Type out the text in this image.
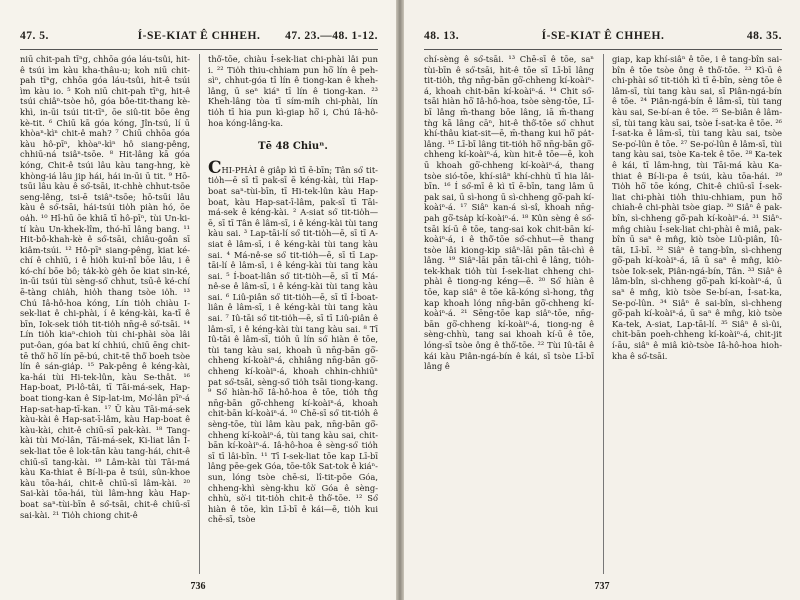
47. 5.	Í-SE-KIAT Ê CHHEH.	47. 23.—48. 1-12.

niū chit-pah tīⁿg, chhōa góa láu-tsûi, hit-ê tsúi ìm kàu kha-thâu-u; koh niū chit-pah tīⁿg, chhōa góa láu-tsûi, hit-ê tsúi ìm kàu io. ⁵ Koh niū chit-pah tīⁿg, hit-ê tsúi chiâⁿ-tsòe hô, góa bôe-tit-thang kè-khì, in-ūi tsúi tit-tīⁿ, ōe siû-tit bōe êng kè-tit. ⁶ Chiū kā góa kóng, Jîn-tsú, lí ū khòaⁿ-kìⁿ chit-ê mah? ⁷ Chiū chhōa góa kàu hô-pīⁿ, khòaⁿ-kìⁿ hô siang-pêng, chhiū-ná tsiâⁿ-tsōe. ⁸ Hit-lâng kā góa kóng, Chit-ê tsúi lâu kàu tang-hng, kè khòng-iá lâu jip hái, hái in-ūi ū tit. ⁹ Hō-tsūi lâu kàu ê só͘-tsāi, it-chhè chhut-tsōe seng-lêng, tsi-ē tsiâⁿ-tsōe; hō-tsūi lâu kàu ê só͘-tsāi, hái-tsúi tio̍h piàn hó, ōe oa̍h. ¹⁰ Hî-hū ōe khiā tī hô-pīⁿ, tùi Un-ki-tí kàu Un-khek-lîm, thó-hī lâng bang. ¹¹ Hit-bô-khah-kè ê só͘-tsāi, chiâu-goân sī kiâm-tsúi. ¹² Hô-pīⁿ siang-pêng, kiat ké-chí ê chhiū, i ê hio̍h kui-nî bōe lâu, i ê kó-chí bōe bô; ta̍k-kò ge̍h ōe kiat sin-ké, in-ūi tsúi tùi sèng-só͘ chhut, tsū-ê ké-chí ē-tàng chia̍h, hio̍h thang tsòe io̍h. ¹³ Chú Iâ-hô-hoa kóng, Lín tio̍h chiàu I-sek-liat ê chi-phài, í ê kéng-kài, ka-tī ê bīn, Iok-sek tio̍h tit-tio̍h nn̄g-ê só͘-tsāi. ¹⁴ Lín tio̍h kiaⁿ-chioh tùi chi-phài sòa lâi put-ôan, góa bat kí chhiú, chiū ēng chit-tē thô͘ hō͘ lín pē-bú, chit-tē thô͘ boeh tsòe lín ê sán-gia̍p. ¹⁵ Pak-pêng ê kéng-kài, ka-hái tùi Hi-tek-lûn, kàu Se-thât. ¹⁶ Hap-boat, Pi-lô-tâi, tī Tāi-má-sek, Hap-boat tiong-kan ê Sip-lat-im, Mo͘-lân pīⁿ-á Hap-sat-hap-tī-kan. ¹⁷ Ū kàu Tāi-má-sek kàu-kài ê Hap-sat-ī-lâm, kàu Hap-boat ê kàu-kài, chit-ê chiū-sī pak-kài. ¹⁸ Tang-kài tùi Mo͘-lân, Tāi-má-sek, Ki-liat lân Í-sek-liat tōe ê lok-tān kàu tang-hái, chit-ê chiū-sī tang-kài. ¹⁹ Lâm-kài tùi Tāi-má kàu Ka-thiat ê Bí-li-pa ê tsúi, sûn-khoe kàu tōa-hái, chit-ê chiū-sī lâm-kài. ²⁰ Sai-kài tōa-hái, tùi lâm-hng kàu Hap-boat saⁿ-tùi-bīn ê só͘-tsāi, chit-ê chiū-sī sai-kài. ²¹ Tio̍h chiong chit-ê

thô͘-tōe, chiàu Í-sek-liat chi-phài lâi pun i. ²² Tio̍h thiu-chhiam pun hō͘ lín ê peh-sìⁿ, chhut-góa tī lín ê tiong-kan ê kheh-lâng, ū seⁿ kiáⁿ tī lín ê tiong-kan. ²³ Kheh-lâng tòa tī sím-mi̍h chi-phài, lín tio̍h tī hia pun kì-giap hō͘ i, Chú Iâ-hô-hoa kóng-lâng-ka.

Tē 48 Chiuⁿ.

CHI-PHÀI ê giâp kì tī ē-bīn; Tân só͘ tit-tio̍h—ē sī tī pak-sī ē kéng-kài, tùi Hap-boat saⁿ-tùi-bīn, tī Hi-tek-lûn kàu Hap-boat, kàu Hap-sat-ī-lâm, pak-sī tī Tāi-má-sek ê kéng-kài. ² A-siat só͘ tit-tio̍h—ē, sī tī Tân ê lâm-sī, i ê kéng-kài tùi tang kàu sai. ³ Lap-tāi-lí só͘ tit-tio̍h—ē, sī tī A-siat ê lâm-sī, i ê kéng-kài tùi tang kàu sai. ⁴ Má-nê-se só͘ tit-tio̍h—ē, sī tī Lap-tāi-lí ê lâm-sī, i ê kéng-kài tùi tang kàu sai. ⁵ Í-boat-liân só͘ tit-tio̍h—ē, sī tī Má-nê-se ê lâm-sī, i ê kéng-kài tùi tang kàu sai. ⁶ Liû-piân só͘ tit-tio̍h—ē, sī tī Í-boat-liân ê lâm-sī, i ê kéng-kài tùi tang kàu sai. ⁷ Iû-tāi só͘ tit-tio̍h—ē, sī tī Liû-piân ê lâm-sī, i ê kéng-kài tùi tang kàu sai. ⁸ Tī Iû-tāi ê lâm-sī, tio̍h ū lín só͘ hiàn ê tōe, tùi tang kàu sai, khoah ū nn̄g-bān gō͘-chheng kí-koàiⁿ-á, chhiâng nn̄g-bān gō͘-chheng kí-koàiⁿ-á, khoah chhin-chhiūⁿ pat só͘-tsāi, sèng-só͘ tio̍h tsāi tiong-kang. ⁹ Só͘ hiàn-hō͘ Iâ-hô-hoa ê tōe, tio̍h tn̂g nn̄g-bān gō͘-chheng kí-koàiⁿ-á, khoah chit-bān kí-koàiⁿ-á. ¹⁰ Chē-sī só͘ tit-tio̍h ê sèng-tōe, tùi lâm kàu pak, nn̄g-bān gō͘-chheng kí-koàiⁿ-á, tùi tang kàu sai, chit-bān kí-koàiⁿ-á. Iâ-hô-hoa ê sèng-só͘ tio̍h sī tī lâi-bīn. ¹¹ Tī I-sek-liat tōe kap Lī-bī lâng pēe-gek Góa, tōe-tôk Sat-tok ê kiáⁿ-sun, lóng tsòe chē-si, lî-tit-pōe Góa, chheng-khì sèng-khu kò͘ Góa ê sèng-chhù, sò͘-i tit-tio̍h chit-ê thô͘-tōe. ¹² Só͘ hiàn ê tōe, kìn Lī-bī ê kái—ē, tio̍h kui chē-sī, tsòe

736
48. 13.	Í-SE-KIAT Ê CHHEH.	48. 35.

chí-sèng ê só͘-tsāi. ¹³ Chē-sī ê tōe, saⁿ tùi-bīn ê só͘-tsāi, hit-ê tōe sī Lī-bī lâng tit-tio̍h, tn̂g nn̄g-bān gō͘-chheng kí-koàiⁿ-á, khoah chit-bān kí-koàiⁿ-á. ¹⁴ Chit só͘-tsāi hiàn hō͘ Iâ-hô-hoa, tsòe sèng-tōe, Lī-bī lâng m̄-thang bōe lâng, iā m̄-thang tǹg kā lâng cāⁿ, hit-ê thô͘-tōe só͘ chhut khí-thâu kiat-sit—ē, m̄-thang kui hō͘ pa̍t-lâng. ¹⁵ Lī-bī lâng tit-tio̍h hō͘ nn̄g-bān gō͘-chheng kí-koàiⁿ-á, kùn hit-ê tōe—ē, koh ū khoah gō͘-chheng kí-koàiⁿ-á, thang tsòe sió-tōe, khí-siâⁿ khí-chhù tī hia lâi-bīn. ¹⁶ Í só͘-mī ê kì tī ē-bīn, tang lâm ū pak sai, ū sì-hong ū sì-chheng gō͘-pah kí-koàiⁿ-á. ¹⁷ Siâⁿ kan-á sì-sî, khoah nn̄g-pah gō͘-tsa̍p kí-koàiⁿ-á. ¹⁸ Kûn sèng ê só͘-tsāi kí-ū ê tōe, tang-sai kok chit-bān kí-koàiⁿ-á, i ê thô͘-tōe só͘-chhut—ē thang tsòe lâi kiong-kip siâⁿ-lāi pān tāi-chì ê lâng. ¹⁹ Siâⁿ-lāi pān tāi-chì ê lâng, tio̍h-tek-khak tio̍h tùi Í-sek-liat chheng chi-phài ê tiong-ng kéng—ē. ²⁰ Só͘ hiàn ê tōe, kap siâⁿ ê tōe kā-kóng sì-hong, tn̂g kap khoah lóng nn̄g-bān gō͘-chheng kí-koàiⁿ-á. ²¹ Sēng-tōe kap siâⁿ-tōe, nn̄g-bān gō͘-chheng kí-koàiⁿ-á, tiong-ng ê sèng-chhù, tang sai khoah kí-ū ê tōe, lóng-sī tsòe ông ê thô͘-tōe. ²² Tùi Iû-tāi ê kái kàu Piân-ngá-bín ê kái, sī tsòe Lī-bī lâng ê

giap, kap khí-siâⁿ ê tōe, i ê tang-bîn sai-bîn ê tōe tsòe ông ê thô͘-tōe. ²³ Kì-ū ê chi-phài só͘ tit-tio̍h kì tī ē-bīn, sèng tōe ê lâm-sī, tùi tang kàu sai, sī Piân-ngá-bín ê tōe. ²⁴ Piân-ngá-bín ê lâm-sī, tùi tang kàu sai, Se-bí-an ê tōe. ²⁵ Se-biân ê lâm-sī, tùi tang kàu sai, tsòe Í-sat-ka ê tōe. ²⁶ Í-sat-ka ê lâm-sī, tùi tang kàu sai, tsòe Se-po͘-lûn ê tōe. ²⁷ Se-po͘-lûn ê lâm-sī, tùi tang kàu sai, tsòe Ka-tek ê tōe. ²⁸ Ka-tek ê kái, tī lâm-hng, tùi Tāi-má kàu Ka-thiat ê Bí-li-pa ê tsúi, kàu tōa-hái. ²⁹ Tio̍h hō͘ tōe kóng, Chit-ê chiū-sī Í-sek-liat chi-phài tio̍h thiu-chhiam, pun hō͘ chiah-ê chi-phài tsòe giap. ³⁰ Siâⁿ ê pak-bîn, sì-chheng gō͘-pah kí-koàiⁿ-á. ³¹ Siâⁿ-mn̂g chiàu Í-sek-liat chi-phài ê miâ, pak-bîn ū saⁿ ê mn̂g, kiò tsòe Liû-piân, Iû-tāi, Lī-bī. ³² Siâⁿ ê tang-bîn, sì-chheng gō͘-pah kí-koàiⁿ-á, iā ū saⁿ ê mn̂g, kiò-tsòe Iok-sek, Piân-ngá-bín, Tân. ³³ Siâⁿ ê lâm-bîn, sì-chheng gō͘-pah kí-koàiⁿ-á, ū saⁿ ê mn̂g, kiò tsòe Se-bí-an, Í-sat-ka, Se-po͘-lûn. ³⁴ Siâⁿ ê sai-bîn, sì-chheng gō͘-pah kí-koàiⁿ-á, ū saⁿ ê mn̂g, kiò tsòe Ka-tek, A-siat, Lap-tāi-lí. ³⁵ Siâⁿ ê sì-ûi, chit-bān poeh-chheng kí-koàiⁿ-á, chit-jit í-āu, siâⁿ ê miâ kiò-tsòe Iâ-hô-hoa hioh-kha ê só͘-tsāi.

737
